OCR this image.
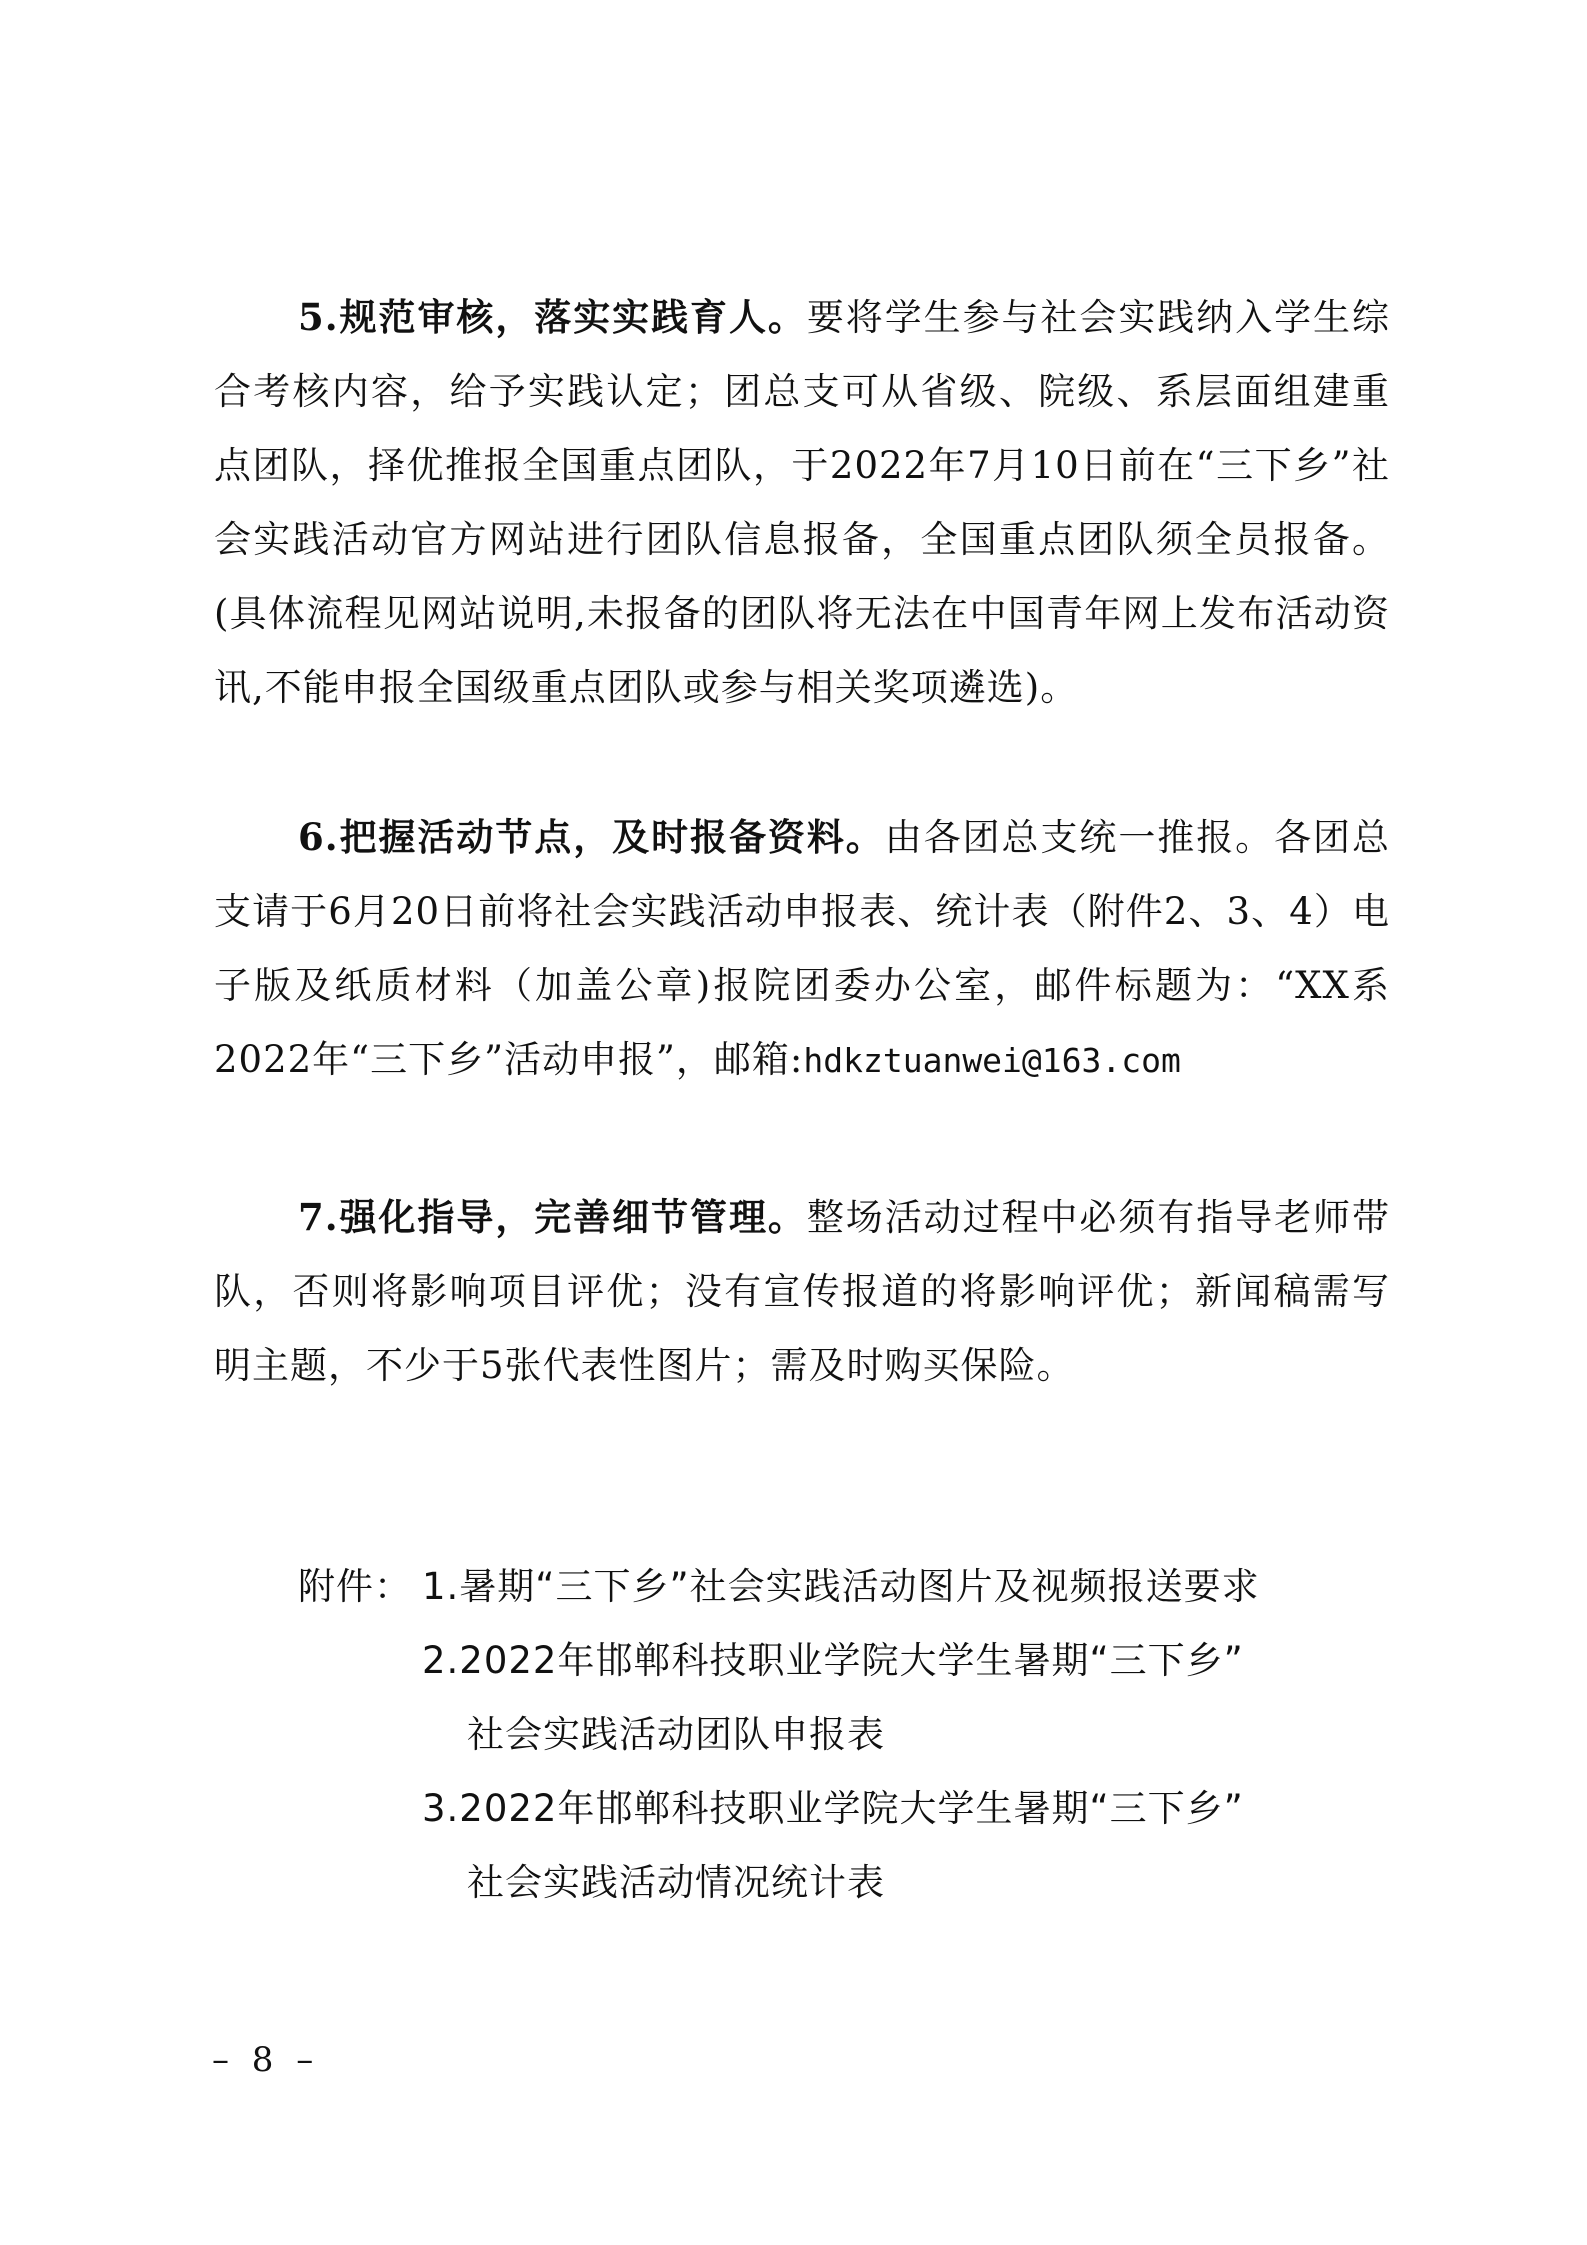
5.规范审核，落实实践育人。要将学生参与社会实践纳入学生综合考核内容，给予实践认定；团总支可从省级、院级、系层面组建重点团队，择优推报全国重点团队，于2022年7月10日前在“三下乡”社会实践活动官方网站进行团队信息报备，全国重点团队须全员报备。(具体流程见网站说明,未报备的团队将无法在中国青年网上发布活动资讯,不能申报全国级重点团队或参与相关奖项遴选)。

6.把握活动节点，及时报备资料。由各团总支统一推报。各团总支请于6月20日前将社会实践活动申报表、统计表（附件2、3、4）电子版及纸质材料（加盖公章)报院团委办公室，邮件标题为：“XX系2022年“三下乡”活动申报”，邮箱:hdkztuanwei@163.com

7.强化指导，完善细节管理。整场活动过程中必须有指导老师带队，否则将影响项目评优；没有宣传报道的将影响评优；新闻稿需写明主题，不少于5张代表性图片；需及时购买保险。

附件： 1.暑期“三下乡”社会实践活动图片及视频报送要求
2.2022年邯郸科技职业学院大学生暑期“三下乡”
社会实践活动团队申报表
3.2022年邯郸科技职业学院大学生暑期“三下乡”
社会实践活动情况统计表
– 8 –
